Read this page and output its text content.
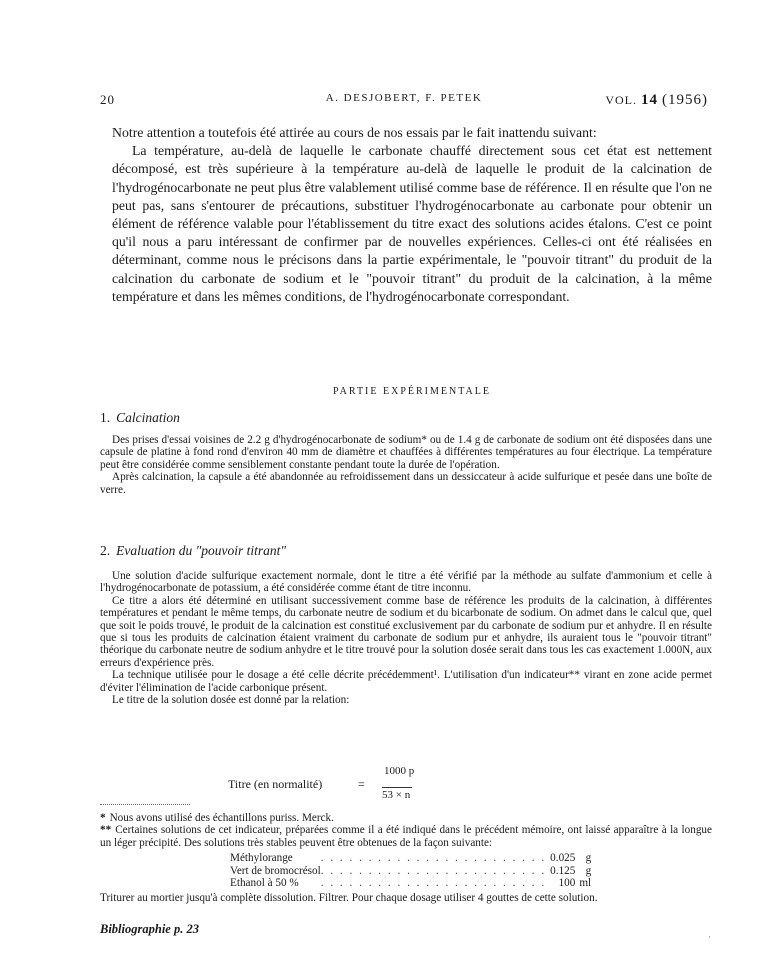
20	A. DESJOBERT, F. PETEK	VOL. 14 (1956)

Notre attention a toutefois été attirée au cours de nos essais par le fait inattendu suivant:

La température, au-delà de laquelle le carbonate chauffé directement sous cet état est nettement décomposé, est très supérieure à la température au-delà de laquelle le produit de la calcination de l'hydrogénocarbonate ne peut plus être valablement utilisé comme base de référence. Il en résulte que l'on ne peut pas, sans s'entourer de précautions, substituer l'hydrogénocarbonate au carbonate pour obtenir un élément de référence valable pour l'établissement du titre exact des solutions acides étalons. C'est ce point qu'il nous a paru intéressant de confirmer par de nouvelles expériences. Celles-ci ont été réalisées en déterminant, comme nous le précisons dans la partie expérimentale, le "pouvoir titrant" du produit de la calcination du carbonate de sodium et le "pouvoir titrant" du produit de la calcination, à la même température et dans les mêmes conditions, de l'hydrogénocarbonate correspondant.

PARTIE EXPÉRIMENTALE
1. Calcination

Des prises d'essai voisines de 2.2 g d'hydrogénocarbonate de sodium* ou de 1.4 g de carbonate de sodium ont été disposées dans une capsule de platine à fond rond d'environ 40 mm de diamètre et chauffées à différentes températures au four électrique. La température peut être considérée comme sensiblement constante pendant toute la durée de l'opération.

Après calcination, la capsule a été abandonnée au refroidissement dans un dessiccateur à acide sulfurique et pesée dans une boîte de verre.

2. Evaluation du "pouvoir titrant"

Une solution d'acide sulfurique exactement normale, dont le titre a été vérifié par la méthode au sulfate d'ammonium et celle à l'hydrogénocarbonate de potassium, a été considérée comme étant de titre inconnu.

Ce titre a alors été déterminé en utilisant successivement comme base de référence les produits de la calcination, à différentes températures et pendant le même temps, du carbonate neutre de sodium et du bicarbonate de sodium. On admet dans le calcul que, quel que soit le poids trouvé, le produit de la calcination est constitué exclusivement par du carbonate de sodium pur et anhydre. Il en résulte que si tous les produits de calcination étaient vraiment du carbonate de sodium pur et anhydre, ils auraient tous le "pouvoir titrant" théorique du carbonate neutre de sodium anhydre et le titre trouvé pour la solution dosée serait dans tous les cas exactement 1.000N, aux erreurs d'expérience près.

La technique utilisée pour le dosage a été celle décrite précédemment¹. L'utilisation d'un indicateur** virant en zone acide permet d'éviter l'élimination de l'acide carbonique présent.

Le titre de la solution dosée est donné par la relation:

Titre (en normalité)	=
1000 p
53 × n

* Nous avons utilisé des échantillons puriss. Merck.

** Certaines solutions de cet indicateur, préparées comme il a été indiqué dans le précédent mémoire, ont laissé apparaître à la longue un léger précipité. Des solutions très stables peuvent être obtenues de la façon suivante:

Méthylorange	. . . . . . . . . . . . . . . . . . . . . . . .	0.025	g
Vert de bromocrésol	. . . . . . . . . . . . . . . . . . . . . . . .	0.125	g
Ethanol à 50 %	. . . . . . . . . . . . . . . . . . . . . . . .	100	ml

Triturer au mortier jusqu'à complète dissolution. Filtrer. Pour chaque dosage utiliser 4 gouttes de cette solution.

Bibliographie p. 23
·
